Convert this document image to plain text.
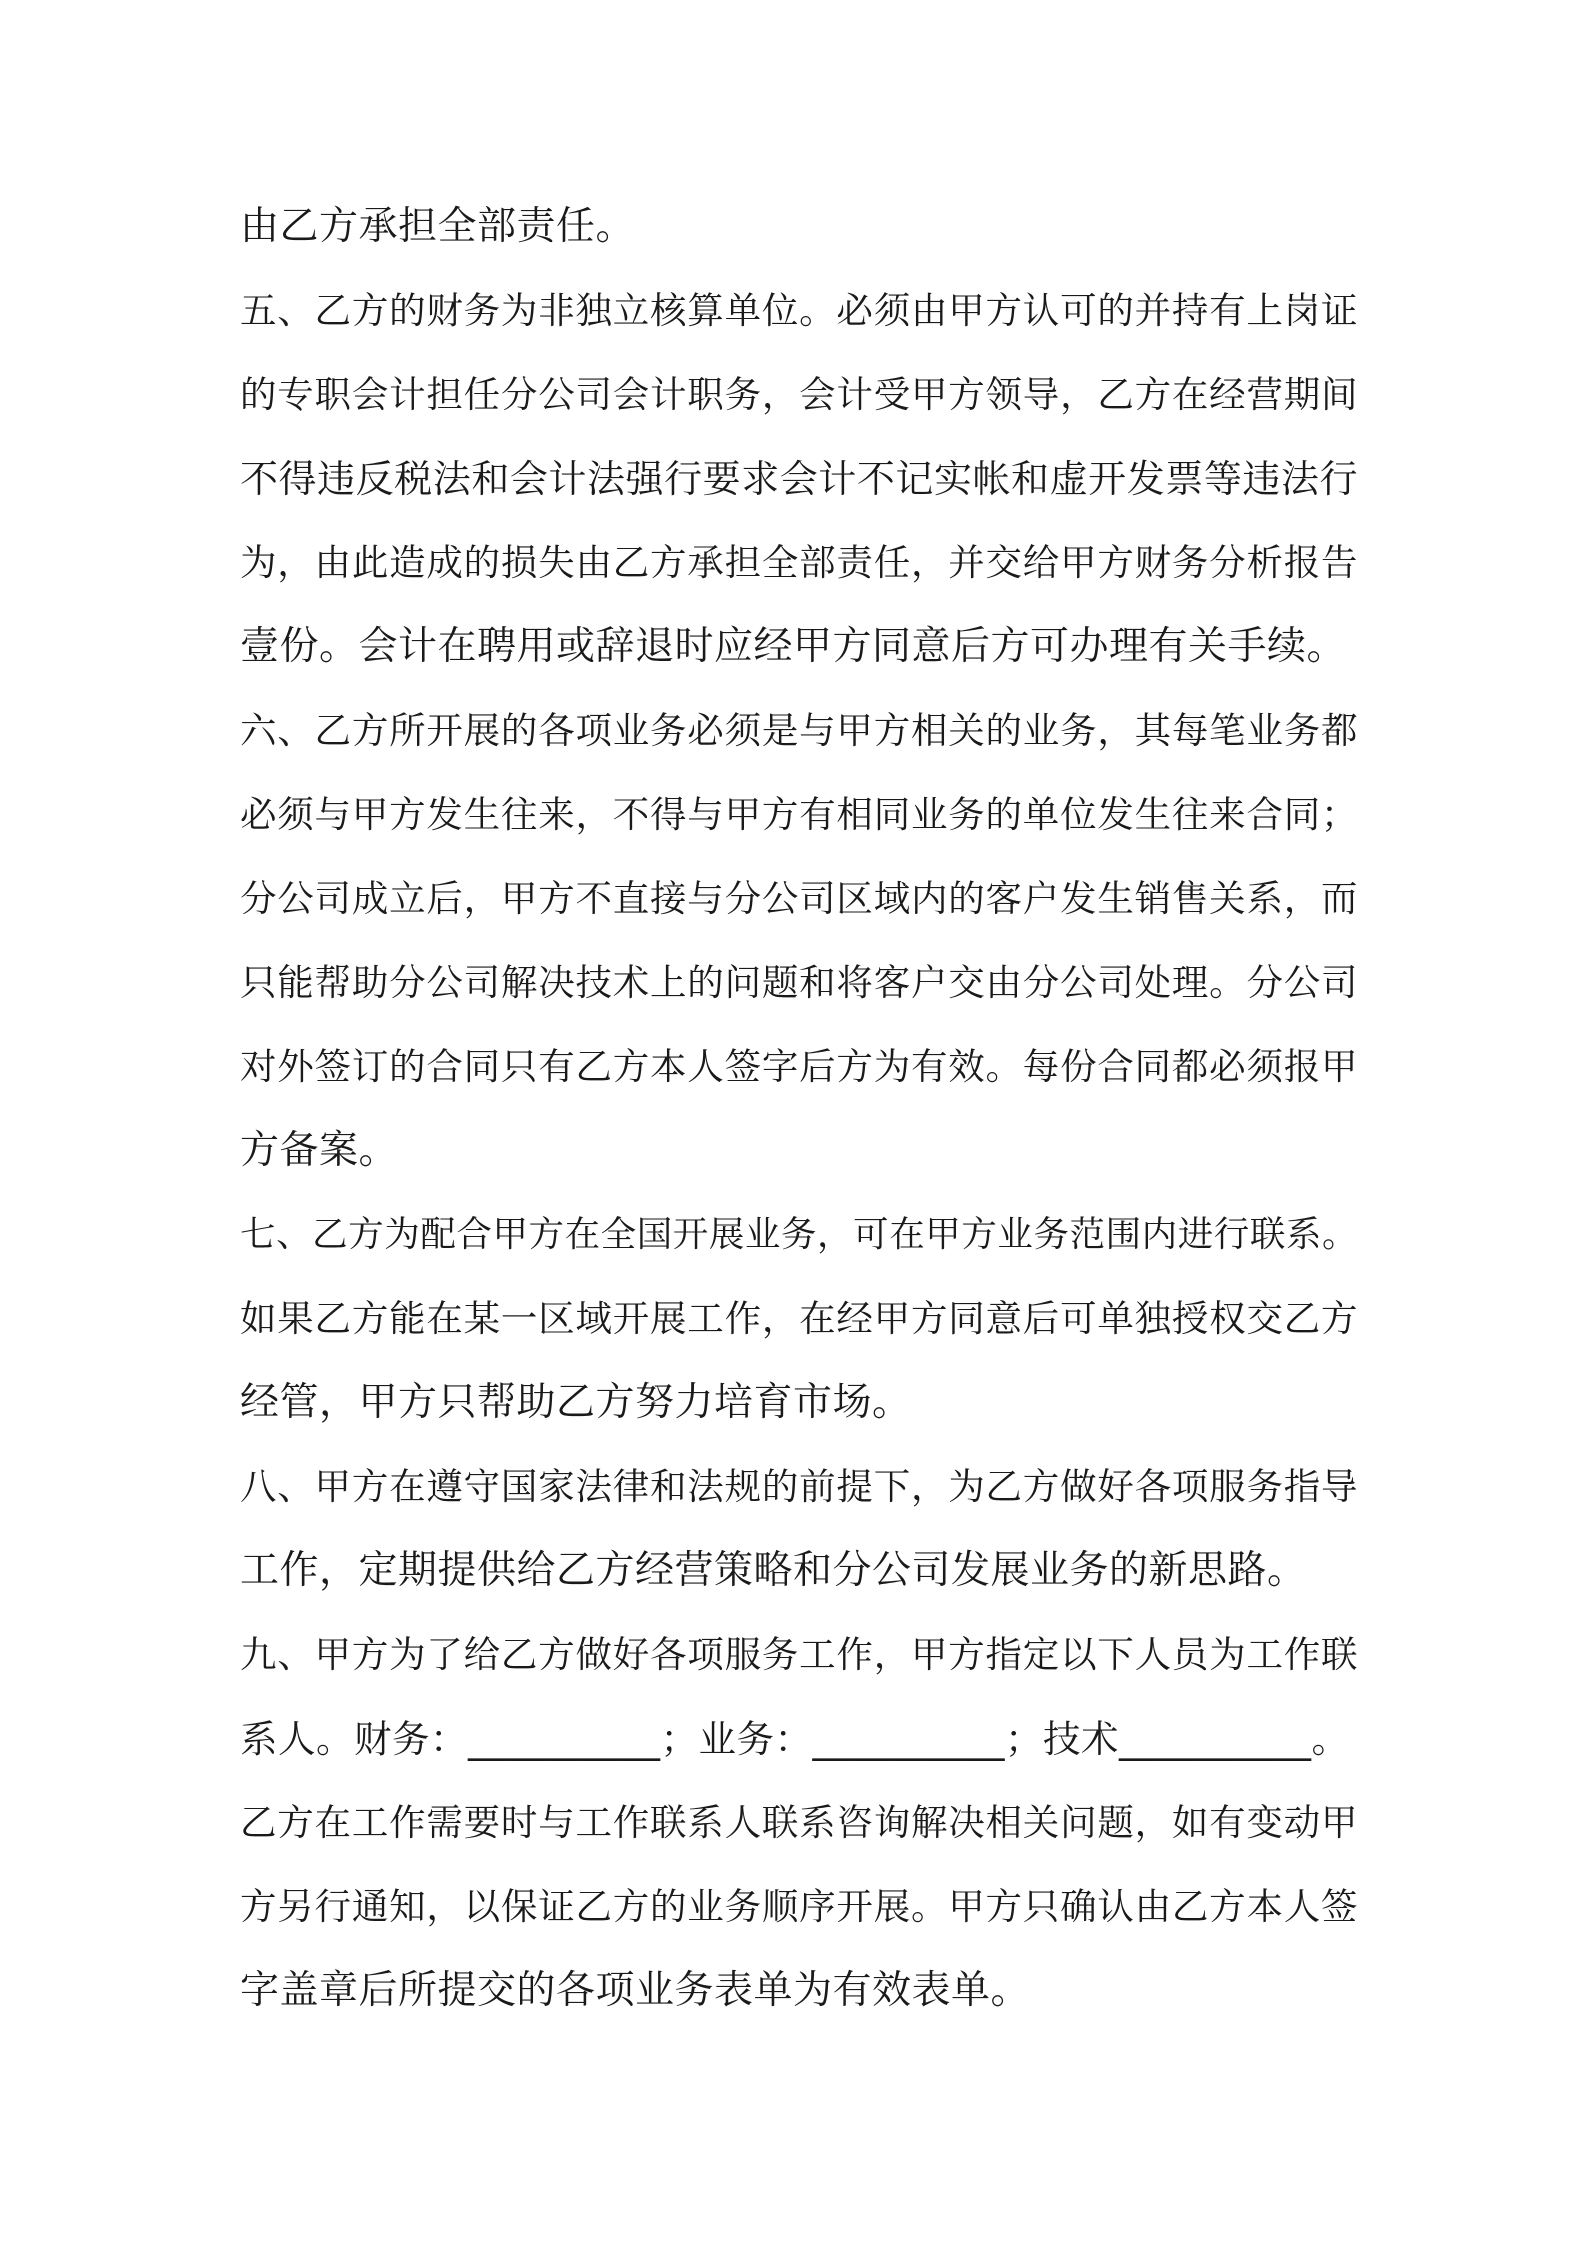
由乙方承担全部责任。
五、乙方的财务为非独立核算单位。必须由甲方认可的并持有上岗证
的专职会计担任分公司会计职务，会计受甲方领导，乙方在经营期间
不得违反税法和会计法强行要求会计不记实帐和虚开发票等违法行
为，由此造成的损失由乙方承担全部责任，并交给甲方财务分析报告
壹份。会计在聘用或辞退时应经甲方同意后方可办理有关手续。
六、乙方所开展的各项业务必须是与甲方相关的业务，其每笔业务都
必须与甲方发生往来，不得与甲方有相同业务的单位发生往来合同；
分公司成立后，甲方不直接与分公司区域内的客户发生销售关系，而
只能帮助分公司解决技术上的问题和将客户交由分公司处理。分公司
对外签订的合同只有乙方本人签字后方为有效。每份合同都必须报甲
方备案。
七、乙方为配合甲方在全国开展业务，可在甲方业务范围内进行联系。
如果乙方能在某一区域开展工作，在经甲方同意后可单独授权交乙方
经管，甲方只帮助乙方努力培育市场。
八、甲方在遵守国家法律和法规的前提下，为乙方做好各项服务指导
工作，定期提供给乙方经营策略和分公司发展业务的新思路。
九、甲方为了给乙方做好各项服务工作，甲方指定以下人员为工作联
系人。财务：__________；业务：__________；技术__________。
乙方在工作需要时与工作联系人联系咨询解决相关问题，如有变动甲
方另行通知，以保证乙方的业务顺序开展。甲方只确认由乙方本人签
字盖章后所提交的各项业务表单为有效表单。
